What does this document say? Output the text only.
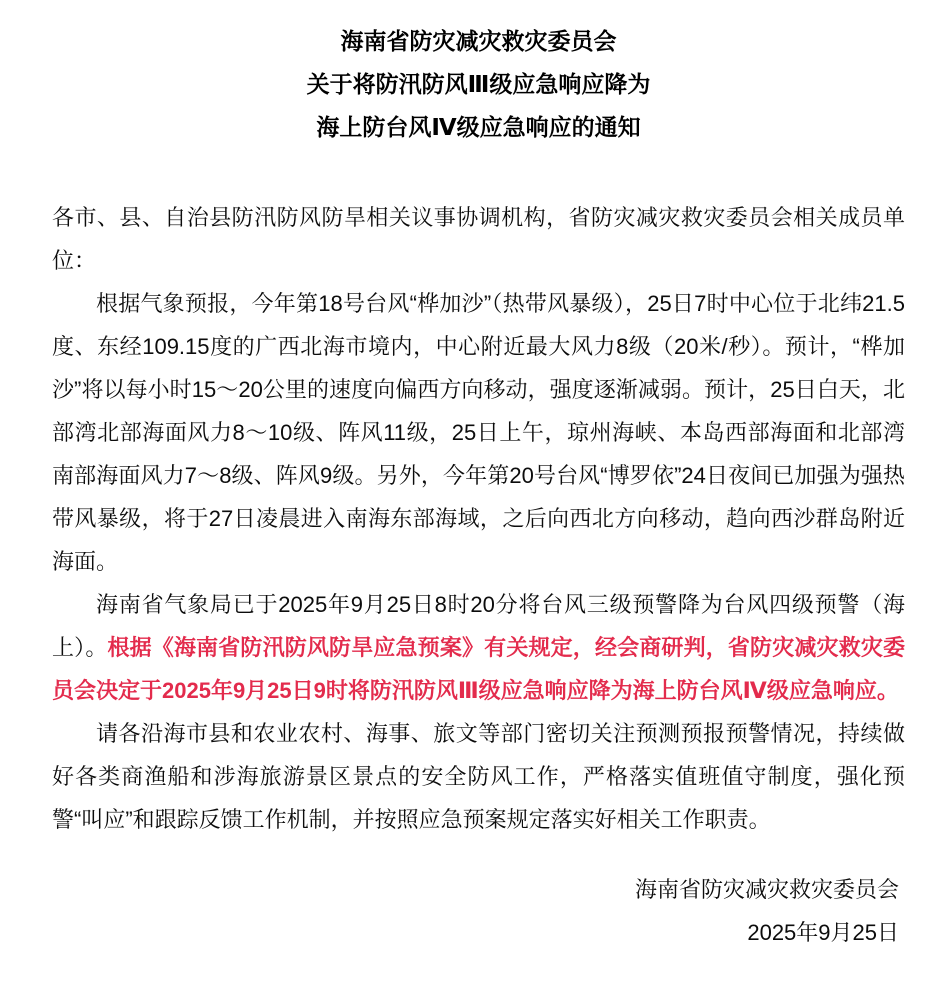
海南省防灾减灾救灾委员会
关于将防汛防风Ⅲ级应急响应降为
海上防台风Ⅳ级应急响应的通知

各市、县、自治县防汛防风防旱相关议事协调机构，省防灾减灾救灾委员会相关成员单位：

根据气象预报，今年第18号台风“桦加沙”（热带风暴级），25日7时中心位于北纬21.5度、东经109.15度的广西北海市境内，中心附近最大风力8级（20米/秒）。预计，“桦加沙”将以每小时15～20公里的速度向偏西方向移动，强度逐渐减弱。预计，25日白天，北部湾北部海面风力8～10级、阵风11级，25日上午，琼州海峡、本岛西部海面和北部湾南部海面风力7～8级、阵风9级。另外，今年第20号台风“博罗依”24日夜间已加强为强热带风暴级，将于27日凌晨进入南海东部海域，之后向西北方向移动，趋向西沙群岛附近海面。

海南省气象局已于2025年9月25日8时20分将台风三级预警降为台风四级预警（海上）。根据《海南省防汛防风防旱应急预案》有关规定，经会商研判，省防灾减灾救灾委员会决定于2025年9月25日9时将防汛防风Ⅲ级应急响应降为海上防台风Ⅳ级应急响应。

请各沿海市县和农业农村、海事、旅文等部门密切关注预测预报预警情况，持续做好各类商渔船和涉海旅游景区景点的安全防风工作，严格落实值班值守制度，强化预警“叫应”和跟踪反馈工作机制，并按照应急预案规定落实好相关工作职责。

海南省防灾减灾救灾委员会
2025年9月25日
